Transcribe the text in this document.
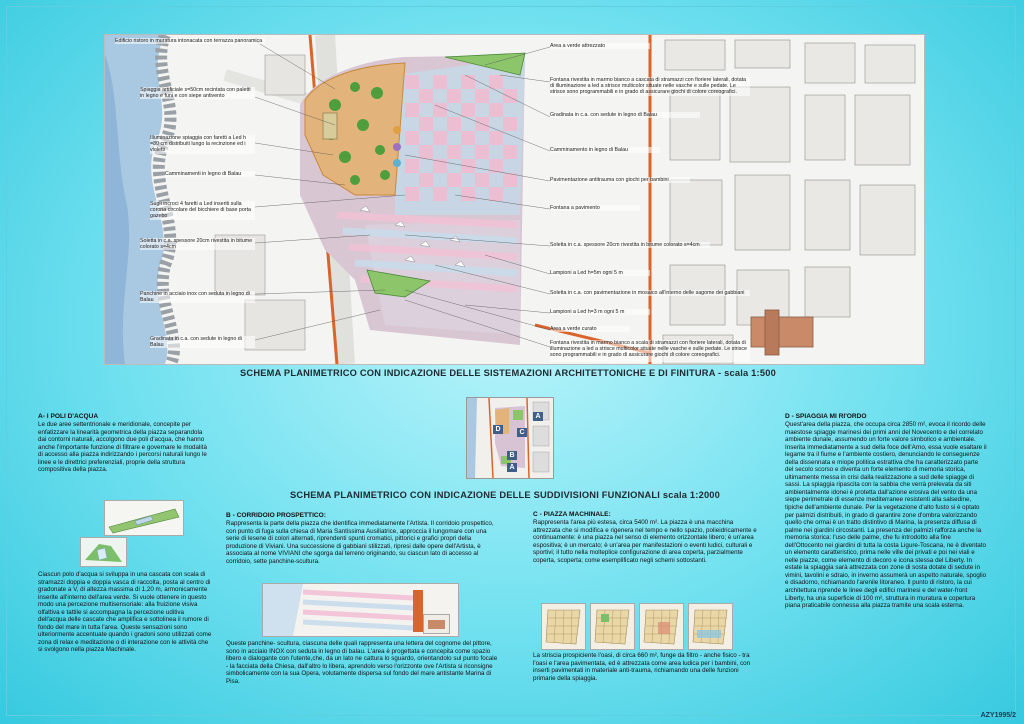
Edificio ristoro in muratura intonacata con terrazza panoramica
Spiaggia artificiale s=50cm recintata con paletti in legno e funi e con siepe antivento
Illuminazione spiaggia con faretti a Led h =80 cm distribuiti lungo la recinzione ed i violetti
Camminamenti in legno di Balau
Sugli incroci 4 faretti a Led inseriti sulla corona circolare del bicchiere di base porta gazebo
Soletta in c.a. spessore 20cm rivestita in bitume colorato s=4cm
Panchine in acciaio inox con seduta in legno di Balau
Gradinata in c.a. con sedute in legno di Balau
Area a verde attrezzato
Fontana rivestita in marmo bianco a cascata di stramazzi con fioriere laterali, dotata di illuminazione a led a strisce multicolor situate nelle vasche e sulle pedate. Le strisce sono programmabili e in grado di assicurare giochi di colore coreografici.
Gradinata in c.a. con sedute in legno di Balau
Camminamento in legno di Balau
Pavimentazione antitrauma con giochi per bambini
Fontana a pavimento
Soletta in c.a. spessore 20cm rivestita in bitume colorato s=4cm
Lampioni a Led h=5m ogni 5 m
Soletta in c.a. con pavimentazione in mosaico all'interno delle sagome dei gabbiani
Lampioni a Led h=3 m ogni 5 m
Area a verde curato
Fontana rivestita in marmo bianco a scala di stramazzi con fioriere laterali, dotata di illuminazione a led a strisce multicolor situate nelle vasche e sulle pedate. Le strisce sono programmabili e in grado di assicurare giochi di colore coreografici.
SCHEMA PLANIMETRICO CON INDICAZIONE DELLE SISTEMAZIONI ARCHITETTONICHE E DI FINITURA - scala 1:500
A
D	C
B
A
SCHEMA PLANIMETRICO CON INDICAZIONE DELLE SUDDIVISIONI FUNZIONALI scala 1:2000
A- I POLI D'ACQUA

Le due aree settentrionale e meridionale, concepite per enfatizzare la linearità geometrica della piazza separandola dai contorni naturali, accolgono due poli d'acqua, che hanno anche l'importante funzione di filtrare e governare le modalità di accesso alla piazza indirizzando i percorsi naturali lungo le linee e le direttrici preferenziali, proprie della struttura compositiva della piazza.

Ciascun polo d'acqua si sviluppa in una cascata con scala di stramazzi doppia e doppia vasca di raccolta, posta al centro di gradonate a V, di altezza massima di 1,20 m, armonicamente inserite all'interno dell'area verde. Si vuole ottenere in questo modo una percezione multisensoriale: alla fruizione visiva olfattiva e tattile si accompagna la percezione uditiva dell'acqua delle cascate che amplifica e sottolinea il rumore di fondo del mare in tutta l'area. Queste sensazioni sono ulteriormente accentuate quando i gradoni sono utilizzati come zona di relax e meditazione o di interazione con le attività che si svolgono nella piazza Machinale.

B - CORRIDOIO PROSPETTICO:

Rappresenta la parte della piazza che identifica immediatamente l'Artista. Il corridoio prospettico, con punto di fuga sulla chiesa di Maria Santissima Ausiliatrice, approccia il lungomare con una serie di lesene di colori alternati, riprendenti spunti cromatici, pittorici e grafici propri della produzione di Viviani. Una successione di gabbiani stilizzati, ripresi dalle opere dell'Artista, è associata al nome VIVIANI che sgorga dal terreno originando, su ciascun lato di accesso al corridoio, sette panchine-scultura.

Queste panchine- scultura, ciascuna delle quali rappresenta una lettera del cognome del pittore, sono in acciaio INOX con seduta in legno di balau. L'area è progettata e concepita come spazio libero e dialogante con l'utente,che, da un lato ne cattura lo sguardo, orientandolo sul punto focale - la facciata della Chiesa, dall'altro lo libera, aprendolo verso l'orizzonte ove l'Artista si riconsigne simbolicamente con la sua Opera, volutamente dispersa sul fondo del mare antistante Marina di Pisa.

C - PIAZZA MACHINALE:

Rappresenta l'area più estesa, circa 5400 m². La piazza è una macchina attrezzata che si modifica e rigenera nel tempo e nello spazio, polieidricamente e continuamente: è una piazza nel senso di elemento orizzontale libero; è un'area espositiva; è un mercato; è un'area per manifestazioni o eventi ludici, culturali e sportivi; il tutto nella molteplice configurazione di area coperta, parzialmente coperta, scoperta; come esemplificato negli schemi sottostanti.

La strisciа prospiciente l'oasi, di circa 660 m², funge da filtro - anche fisico - tra l'oasi e l'area pavimentata, ed è attrezzata come area ludica per i bambini, con inserti pavimentati in materiale anti-trauma, richiamando una delle funzioni primarie della spiaggia.

D - SPIAGGIA MI RI'ORDO

Quest'area della piazza, che occupa circa 2850 m², evoca il ricordo delle maestose spiagge marinesi dei primi anni del Novecento e del correlato ambiente dunale, assumendo un forte valore simbolico e ambientale. Inserita immediatamente a sud della foce dell'Arno, essa vuole esaltare il legame tra il fiume e l'ambiente costiero, denunciando le conseguenze della dissennata e miope politica estrattiva che ha caratterizzato parte del secolo scorso e diventa un forte elemento di memoria storica, ultimamente messa in crisi dalla realizzazione a sud delle spiagge di sassi. La spiaggia ripascita con la sabbia che verrà prelevata da siti ambientalmente idonei è protetta dall'azione erosiva del vento da una siepe perimetrale di essenze mediterranee resistenti alla salsedine, tipiche dell'ambiente dunale. Per la vegetazione d'alto fusto si è optato per palmizi distribuiti, in grado di garantire zone d'ombra valorizzando quello che ormai è un tratto distintivo di Marina, la presenza diffusa di palme nei giardini circostanti. La presenza dei palmizi rafforza anche la memoria storica: l'uso delle palme, che fu introdotto alla fine dell'Ottocento nei giardini di tutta la costa Ligure-Toscana, ne è diventato un elemento caratteristico, prima nelle ville dei privati e poi nei viali e nelle piazze, come elemento di decoro e icona stessa del Liberty. In estate la spiaggia sarà attrezzata con zone di sosta dotate di sedute in vimini, tavolini e sdraio, in inverno assumerà un aspetto naturale, spoglio e disadorno, richiamando l'arenile litoraneo. Il punto di ristoro, la cui architettura riprende le linee degli edifici marinesi e del water-front Liberty, ha una superficie di 100 m², struttura in muratura e copertura piana praticabile connessa alla piazza tramite una scala esterna.

AZY1995/2
